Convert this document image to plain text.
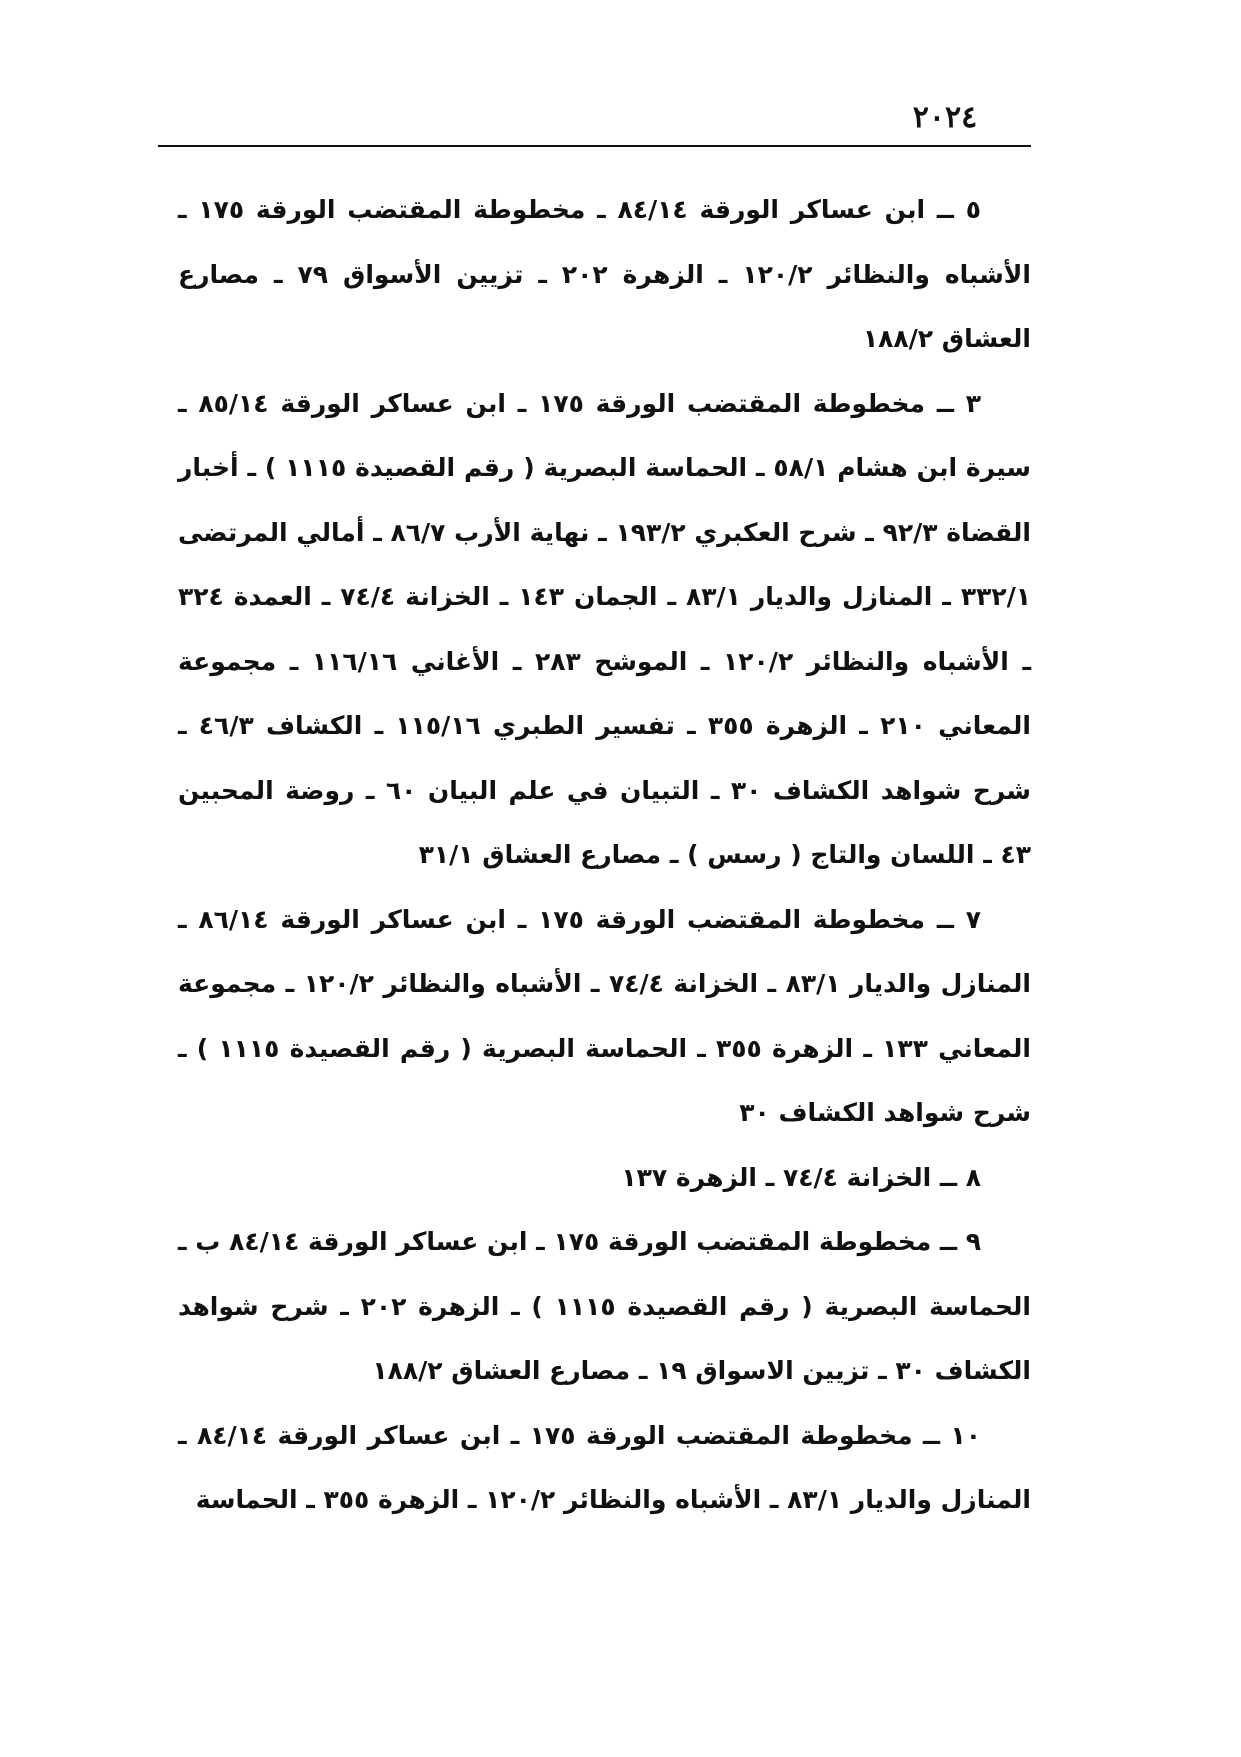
٢٠٢٤

٥ ــ ابن عساكر الورقة ٨٤/١٤ ـ مخطوطة المقتضب الورقة ١٧٥ ـ الأشباه والنظائر ١٢٠/٢ ـ الزهرة ٢٠٢ ـ تزيين الأسواق ٧٩ ـ مصارع العشاق ١٨٨/٢

٣ ــ مخطوطة المقتضب الورقة ١٧٥ ـ ابن عساكر الورقة ٨٥/١٤ ـ سيرة ابن هشام ٥٨/١ ـ الحماسة البصرية ( رقم القصيدة ١١١٥ ) ـ أخبار القضاة ٩٢/٣ ـ شرح العكبري ١٩٣/٢ ـ نهاية الأرب ٨٦/٧ ـ أمالي المرتضى ٣٣٢/١ ـ المنازل والديار ٨٣/١ ـ الجمان ١٤٣ ـ الخزانة ٧٤/٤ ـ العمدة ٣٢٤ ـ الأشباه والنظائر ١٢٠/٢ ـ الموشح ٢٨٣ ـ الأغاني ١١٦/١٦ ـ مجموعة المعاني ٢١٠ ـ الزهرة ٣٥٥ ـ تفسير الطبري ١١٥/١٦ ـ الكشاف ٤٦/٣ ـ شرح شواهد الكشاف ٣٠ ـ التبيان في علم البيان ٦٠ ـ روضة المحبين ٤٣ ـ اللسان والتاج ( رسس ) ـ مصارع العشاق ٣١/١

٧ ــ مخطوطة المقتضب الورقة ١٧٥ ـ ابن عساكر الورقة ٨٦/١٤ ـ المنازل والديار ٨٣/١ ـ الخزانة ٧٤/٤ ـ الأشباه والنظائر ١٢٠/٢ ـ مجموعة المعاني ١٣٣ ـ الزهرة ٣٥٥ ـ الحماسة البصرية ( رقم القصيدة ١١١٥ ) ـ شرح شواهد الكشاف ٣٠

٨ ــ الخزانة ٧٤/٤ ـ الزهرة ١٣٧

٩ ــ مخطوطة المقتضب الورقة ١٧٥ ـ ابن عساكر الورقة ٨٤/١٤ ب ـ الحماسة البصرية ( رقم القصيدة ١١١٥ ) ـ الزهرة ٢٠٢ ـ شرح شواهد الكشاف ٣٠ ـ تزيين الاسواق ١٩ ـ مصارع العشاق ١٨٨/٢

١٠ ــ مخطوطة المقتضب الورقة ١٧٥ ـ ابن عساكر الورقة ٨٤/١٤ ـ المنازل والديار ٨٣/١ ـ الأشباه والنظائر ١٢٠/٢ ـ الزهرة ٣٥٥ ـ الحماسة
